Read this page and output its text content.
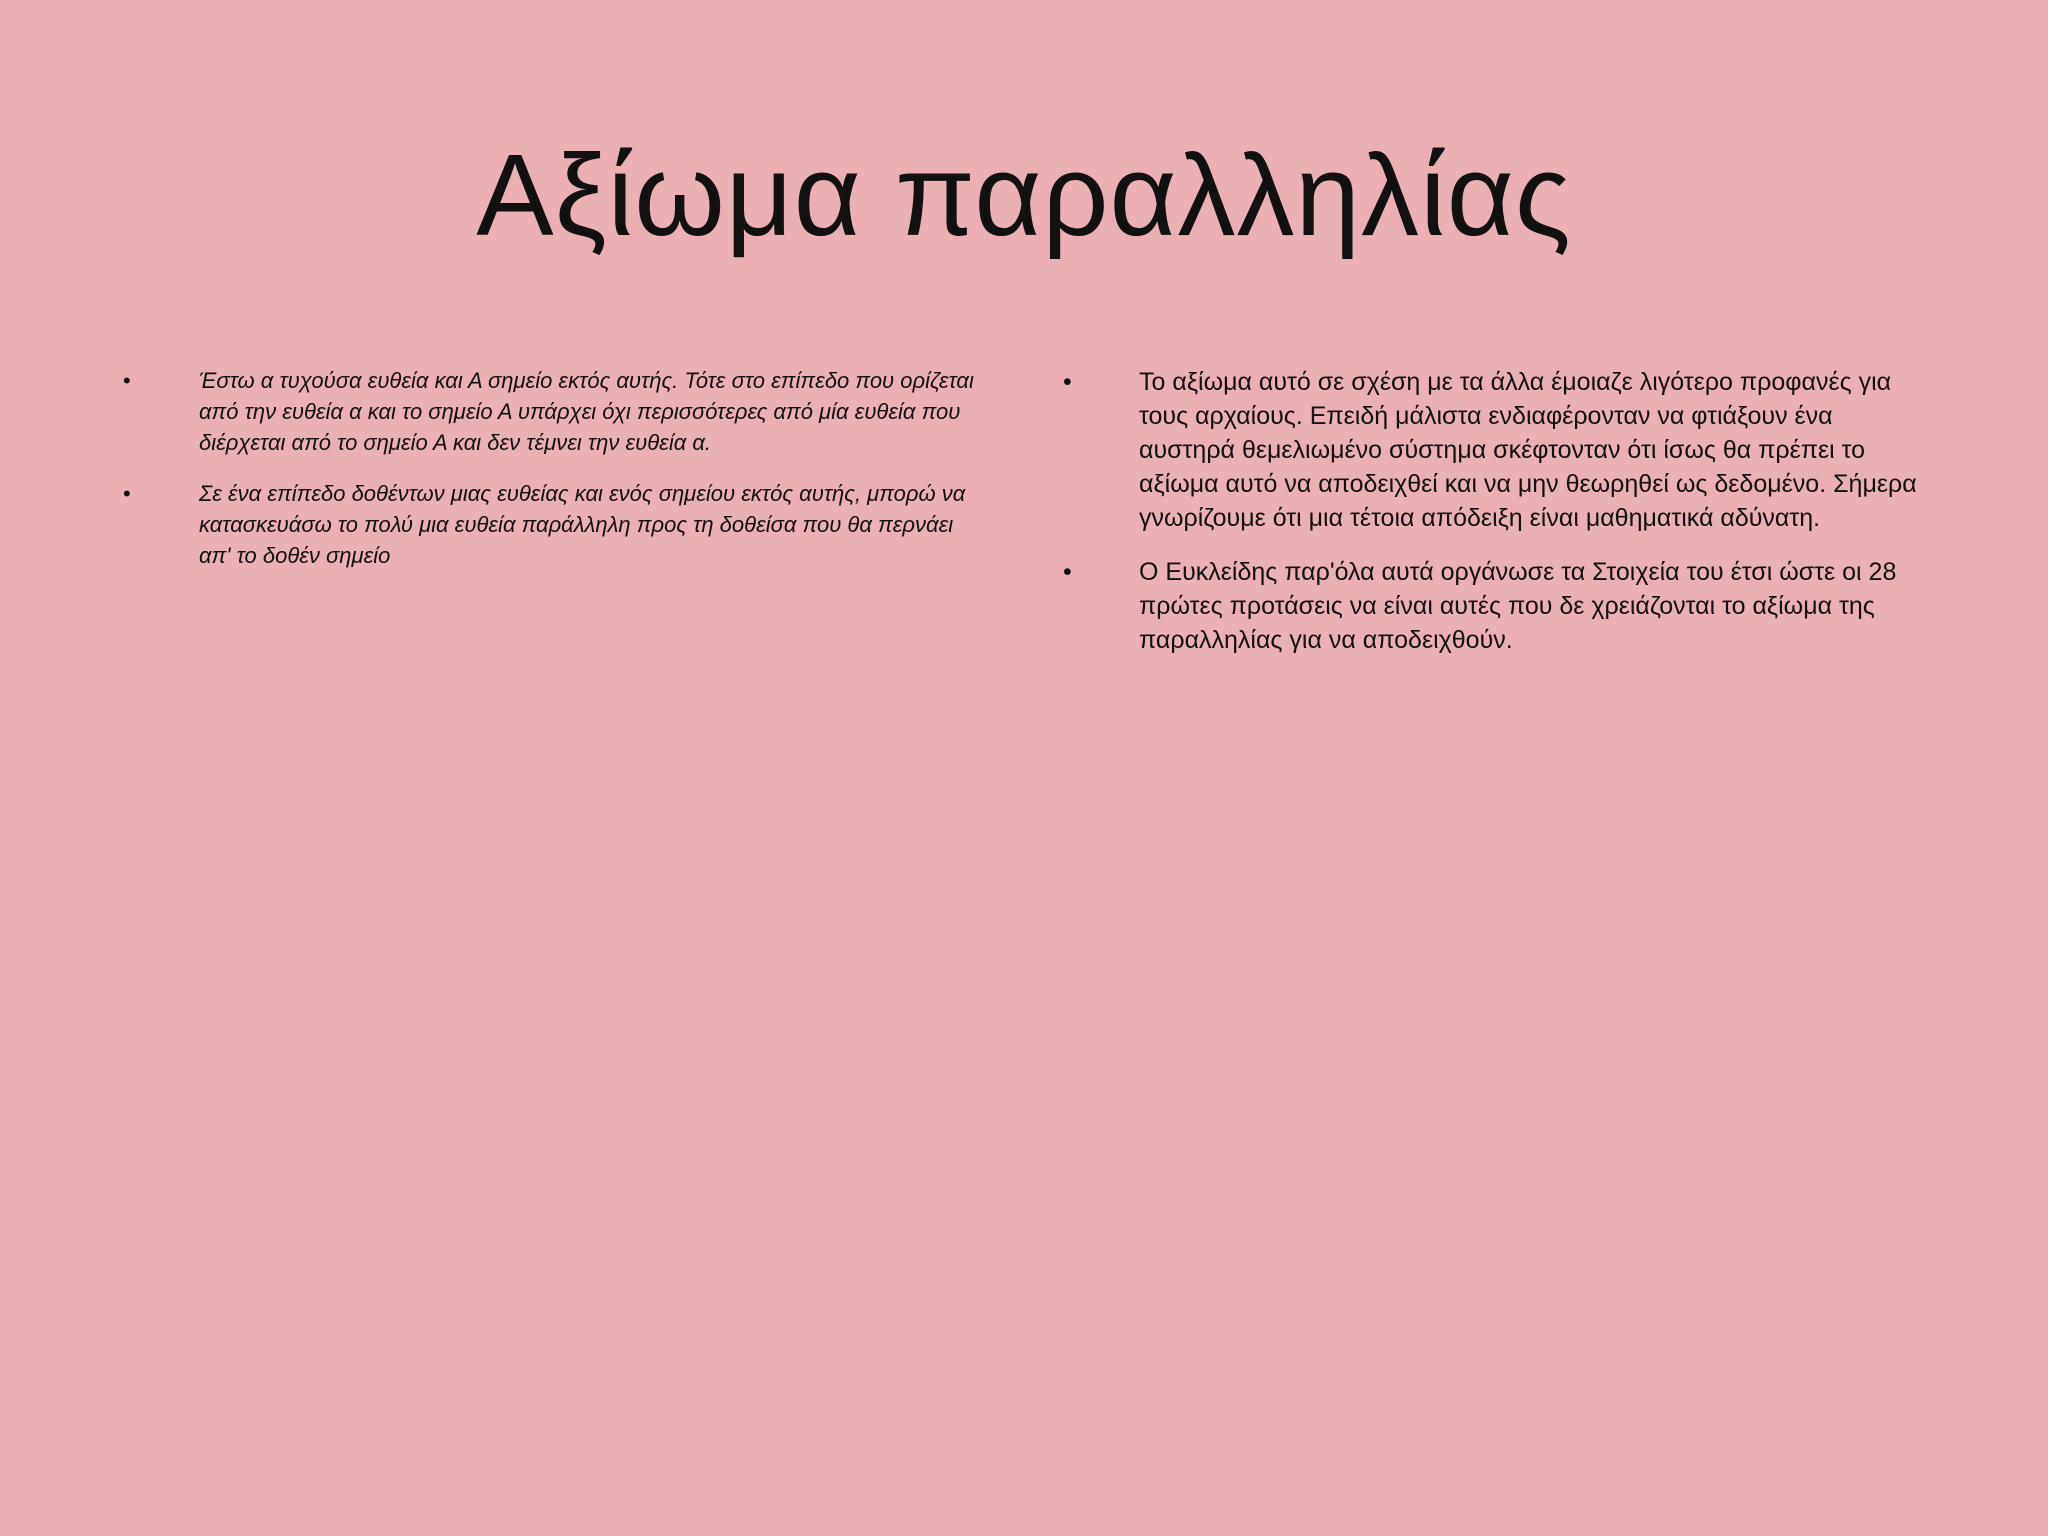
Αξίωμα παραλληλίας
•	Έστω α τυχούσα ευθεία και Α σημείο εκτός αυτής. Τότε στο επίπεδο που ορίζεται από την ευθεία α και το σημείο Α υπάρχει όχι περισσότερες από μία ευθεία που διέρχεται από το σημείο Α και δεν τέμνει την ευθεία α.
•	Σε ένα επίπεδο δοθέντων μιας ευθείας και ενός σημείου εκτός αυτής, μπορώ να κατασκευάσω το πολύ μια ευθεία παράλληλη προς τη δοθείσα που θα περνάει απ' το δοθέν σημείο
•	Το αξίωμα αυτό σε σχέση με τα άλλα έμοιαζε λιγότερο προφανές για τους αρχαίους. Επειδή μάλιστα ενδιαφέρονταν να φτιάξουν ένα αυστηρά θεμελιωμένο σύστημα σκέφτονταν ότι ίσως θα πρέπει το αξίωμα αυτό να αποδειχθεί και να μην θεωρηθεί ως δεδομένο. Σήμερα γνωρίζουμε ότι μια τέτοια απόδειξη είναι μαθηματικά αδύνατη.
•	Ο Ευκλείδης παρ'όλα αυτά οργάνωσε τα Στοιχεία του έτσι ώστε οι 28 πρώτες προτάσεις να είναι αυτές που δε χρειάζονται το αξίωμα της παραλληλίας για να αποδειχθούν.
